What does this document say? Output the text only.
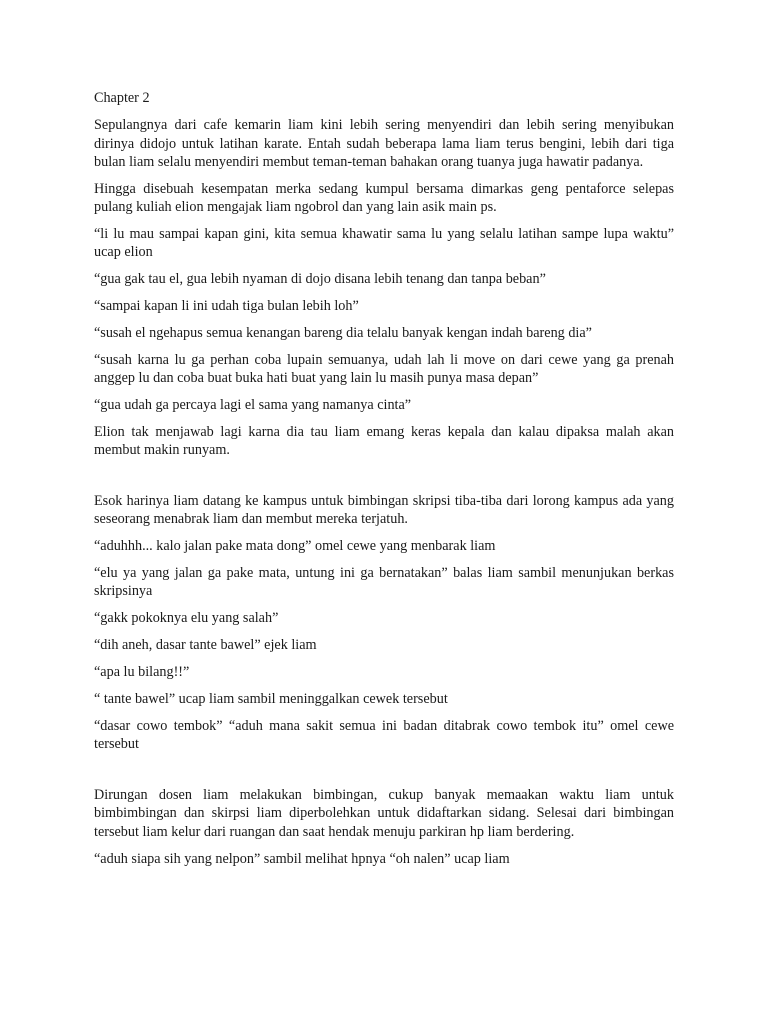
Chapter 2

Sepulangnya dari cafe kemarin liam kini lebih sering menyendiri dan lebih sering menyibukan dirinya didojo untuk latihan karate. Entah sudah beberapa lama liam terus bengini, lebih dari tiga bulan liam selalu menyendiri membut teman-teman bahakan orang tuanya juga hawatir padanya.

Hingga disebuah kesempatan merka sedang kumpul bersama dimarkas geng pentaforce selepas pulang kuliah elion mengajak liam ngobrol dan yang lain asik main ps.

“li lu mau sampai kapan gini, kita semua khawatir sama lu yang selalu latihan sampe lupa waktu” ucap elion

“gua gak tau el, gua lebih nyaman di dojo disana lebih tenang dan tanpa beban”

“sampai kapan li ini udah tiga bulan lebih loh”

“susah el ngehapus semua kenangan bareng dia telalu banyak kengan indah bareng dia”

“susah karna lu ga perhan coba lupain semuanya, udah lah li move on dari cewe yang ga prenah anggep lu dan coba buat buka hati buat yang lain lu masih punya masa depan”

“gua udah ga percaya lagi el sama yang namanya cinta”

Elion tak menjawab lagi karna dia tau liam emang keras kepala dan kalau dipaksa malah akan membut makin runyam.

Esok harinya liam datang ke kampus untuk bimbingan skripsi tiba-tiba dari lorong kampus ada yang seseorang menabrak liam dan membut mereka terjatuh.

“aduhhh... kalo jalan pake mata dong” omel cewe yang menbarak liam

“elu ya yang jalan ga pake mata, untung ini ga bernatakan” balas liam sambil menunjukan berkas skripsinya

“gakk pokoknya elu yang salah”

“dih aneh, dasar tante bawel” ejek liam

“apa lu bilang!!”

“ tante bawel” ucap liam sambil meninggalkan cewek tersebut

“dasar cowo tembok” “aduh mana sakit semua ini badan ditabrak cowo tembok itu” omel cewe tersebut

Dirungan dosen liam melakukan bimbingan, cukup banyak memaakan waktu liam untuk bimbimbingan dan skirpsi liam diperbolehkan untuk didaftarkan sidang. Selesai dari bimbingan tersebut liam kelur dari ruangan dan saat hendak menuju parkiran hp liam berdering.

“aduh siapa sih yang nelpon” sambil melihat hpnya “oh nalen” ucap liam
